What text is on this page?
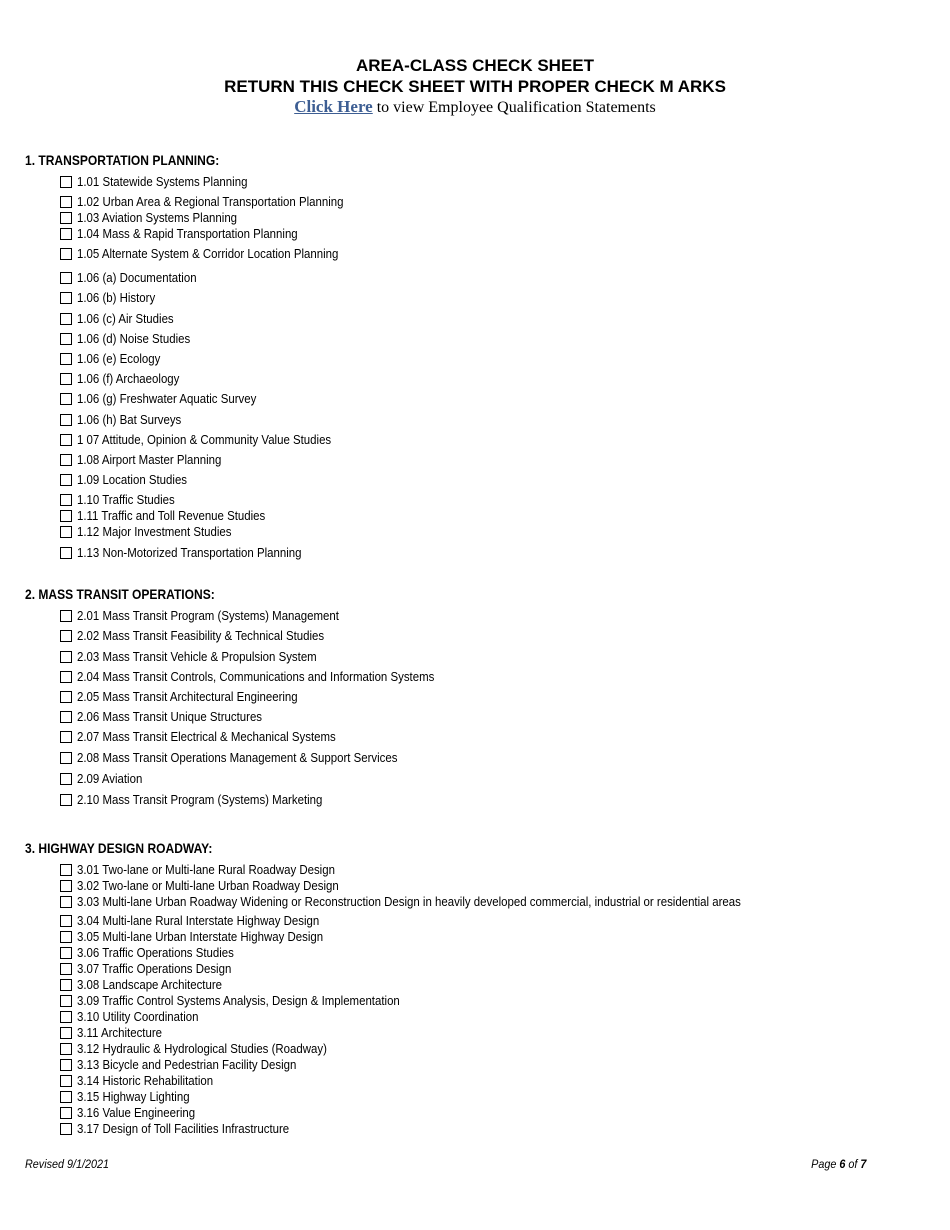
AREA-CLASS CHECK SHEET
RETURN THIS CHECK SHEET WITH PROPER CHECK M ARKS
Click Here to view Employee Qualification Statements
1. TRANSPORTATION PLANNING:
2. MASS TRANSIT OPERATIONS:
3. HIGHWAY DESIGN ROADWAY:
1.01 Statewide Systems Planning
1.02 Urban Area & Regional Transportation Planning
1.03 Aviation Systems Planning
1.04 Mass & Rapid Transportation Planning
1.05 Alternate System & Corridor Location Planning
1.06 (a) Documentation
1.06 (b) History
1.06 (c) Air Studies
1.06 (d) Noise Studies
1.06 (e) Ecology
1.06 (f) Archaeology
1.06 (g) Freshwater Aquatic Survey
1.06 (h) Bat Surveys
1 07 Attitude, Opinion & Community Value Studies
1.08 Airport Master Planning
1.09 Location Studies
1.10 Traffic Studies
1.11 Traffic and Toll Revenue Studies
1.12 Major Investment Studies
1.13 Non-Motorized Transportation Planning
2.01 Mass Transit Program (Systems) Management
2.02 Mass Transit Feasibility & Technical Studies
2.03 Mass Transit Vehicle & Propulsion System
2.04 Mass Transit Controls, Communications and Information Systems
2.05 Mass Transit Architectural Engineering
2.06 Mass Transit Unique Structures
2.07 Mass Transit Electrical & Mechanical Systems
2.08 Mass Transit Operations Management & Support Services
2.09 Aviation
2.10 Mass Transit Program (Systems) Marketing
3.01 Two-lane or Multi-lane Rural Roadway Design
3.02 Two-lane or Multi-lane Urban Roadway Design
3.03 Multi-lane Urban Roadway Widening or Reconstruction Design in heavily developed commercial, industrial or residential areas
3.04 Multi-lane Rural Interstate Highway Design
3.05 Multi-lane Urban Interstate Highway Design
3.06 Traffic Operations Studies
3.07 Traffic Operations Design
3.08 Landscape Architecture
3.09 Traffic Control Systems Analysis, Design & Implementation
3.10 Utility Coordination
3.11 Architecture
3.12 Hydraulic & Hydrological Studies (Roadway)
3.13 Bicycle and Pedestrian Facility Design
3.14 Historic Rehabilitation
3.15 Highway Lighting
3.16 Value Engineering
3.17 Design of Toll Facilities Infrastructure
Revised 9/1/2021	Page 6 of 7
